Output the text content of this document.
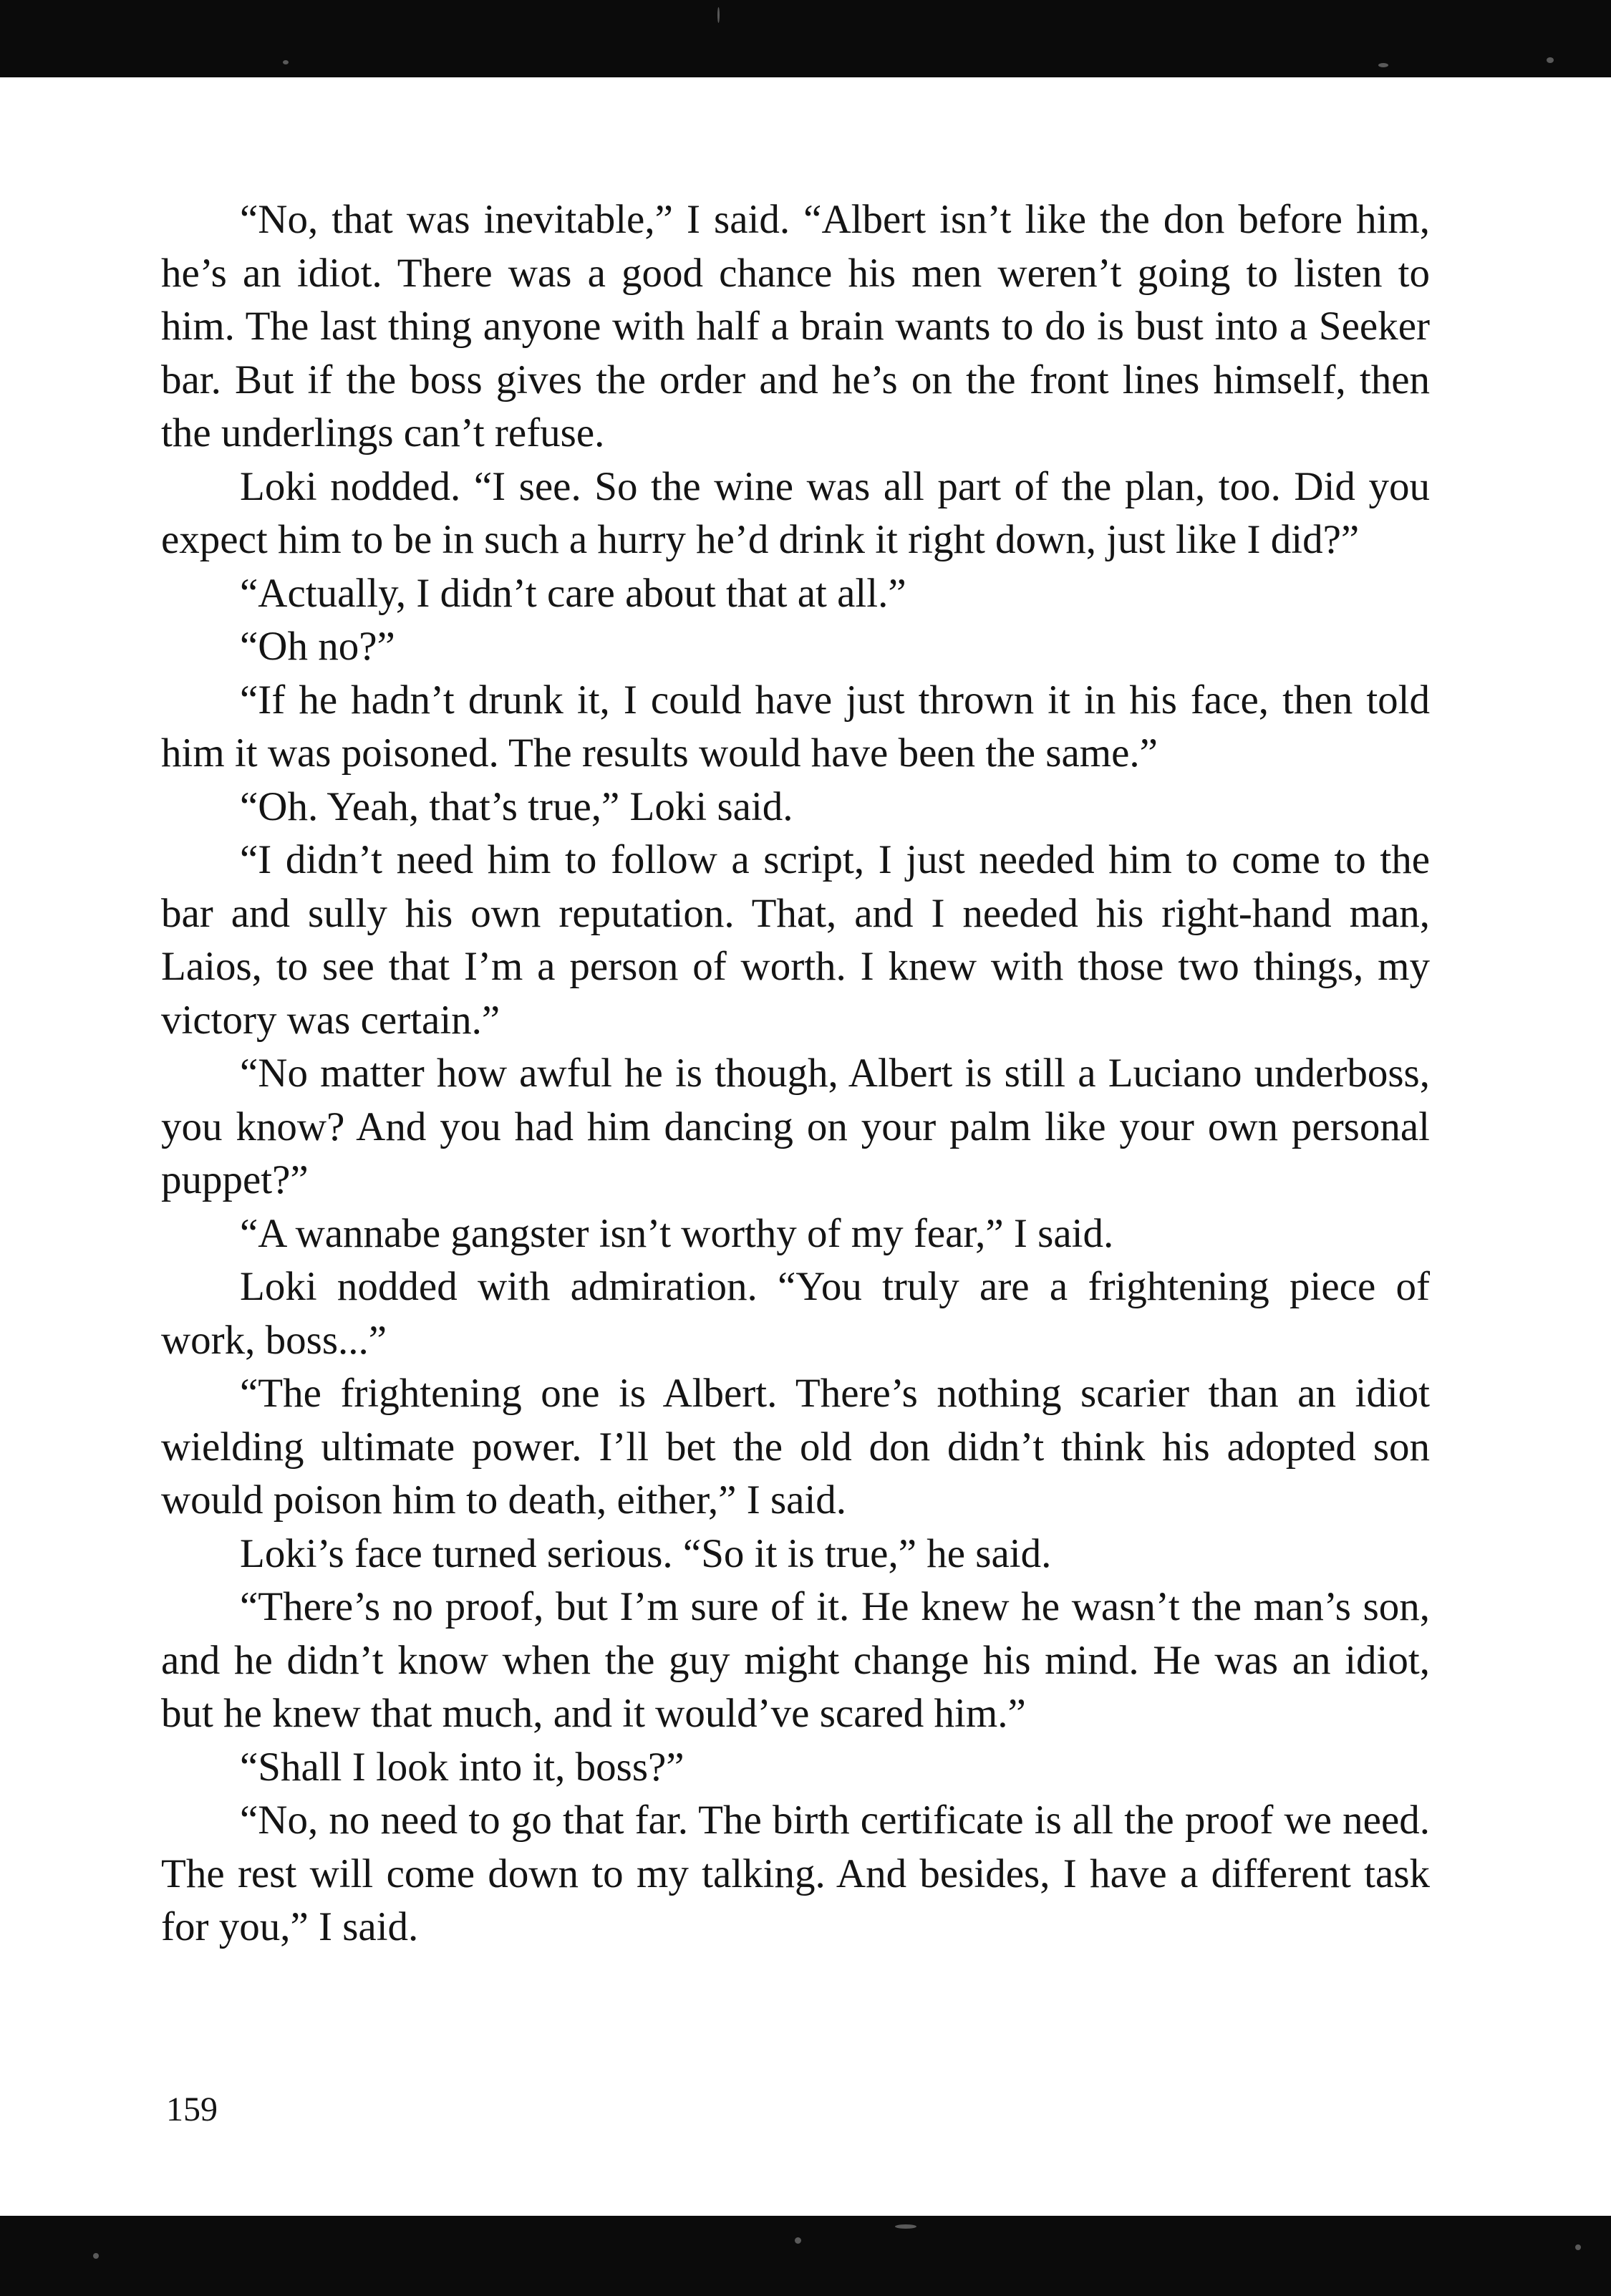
“No, that was inevitable,” I said. “Albert isn’t like the don before him, he’s an idiot. There was a good chance his men weren’t going to listen to him. The last thing anyone with half a brain wants to do is bust into a Seeker bar. But if the boss gives the order and he’s on the front lines himself, then the underlings can’t refuse.

Loki nodded. “I see. So the wine was all part of the plan, too. Did you expect him to be in such a hurry he’d drink it right down, just like I did?”

“Actually, I didn’t care about that at all.”

“Oh no?”

“If he hadn’t drunk it, I could have just thrown it in his face, then told him it was poisoned. The results would have been the same.”

“Oh. Yeah, that’s true,” Loki said.

“I didn’t need him to follow a script, I just needed him to come to the bar and sully his own reputation. That, and I needed his right-hand man, Laios, to see that I’m a person of worth. I knew with those two things, my victory was certain.”

“No matter how awful he is though, Albert is still a Luciano underboss, you know? And you had him dancing on your palm like your own personal puppet?”

“A wannabe gangster isn’t worthy of my fear,” I said.

Loki nodded with admiration. “You truly are a frightening piece of work, boss...”

“The frightening one is Albert. There’s nothing scarier than an idiot wielding ultimate power. I’ll bet the old don didn’t think his adopted son would poison him to death, either,” I said.

Loki’s face turned serious. “So it is true,” he said.

“There’s no proof, but I’m sure of it. He knew he wasn’t the man’s son, and he didn’t know when the guy might change his mind. He was an idiot, but he knew that much, and it would’ve scared him.”

“Shall I look into it, boss?”

“No, no need to go that far. The birth certificate is all the proof we need. The rest will come down to my talking. And besides, I have a different task for you,” I said.

159
